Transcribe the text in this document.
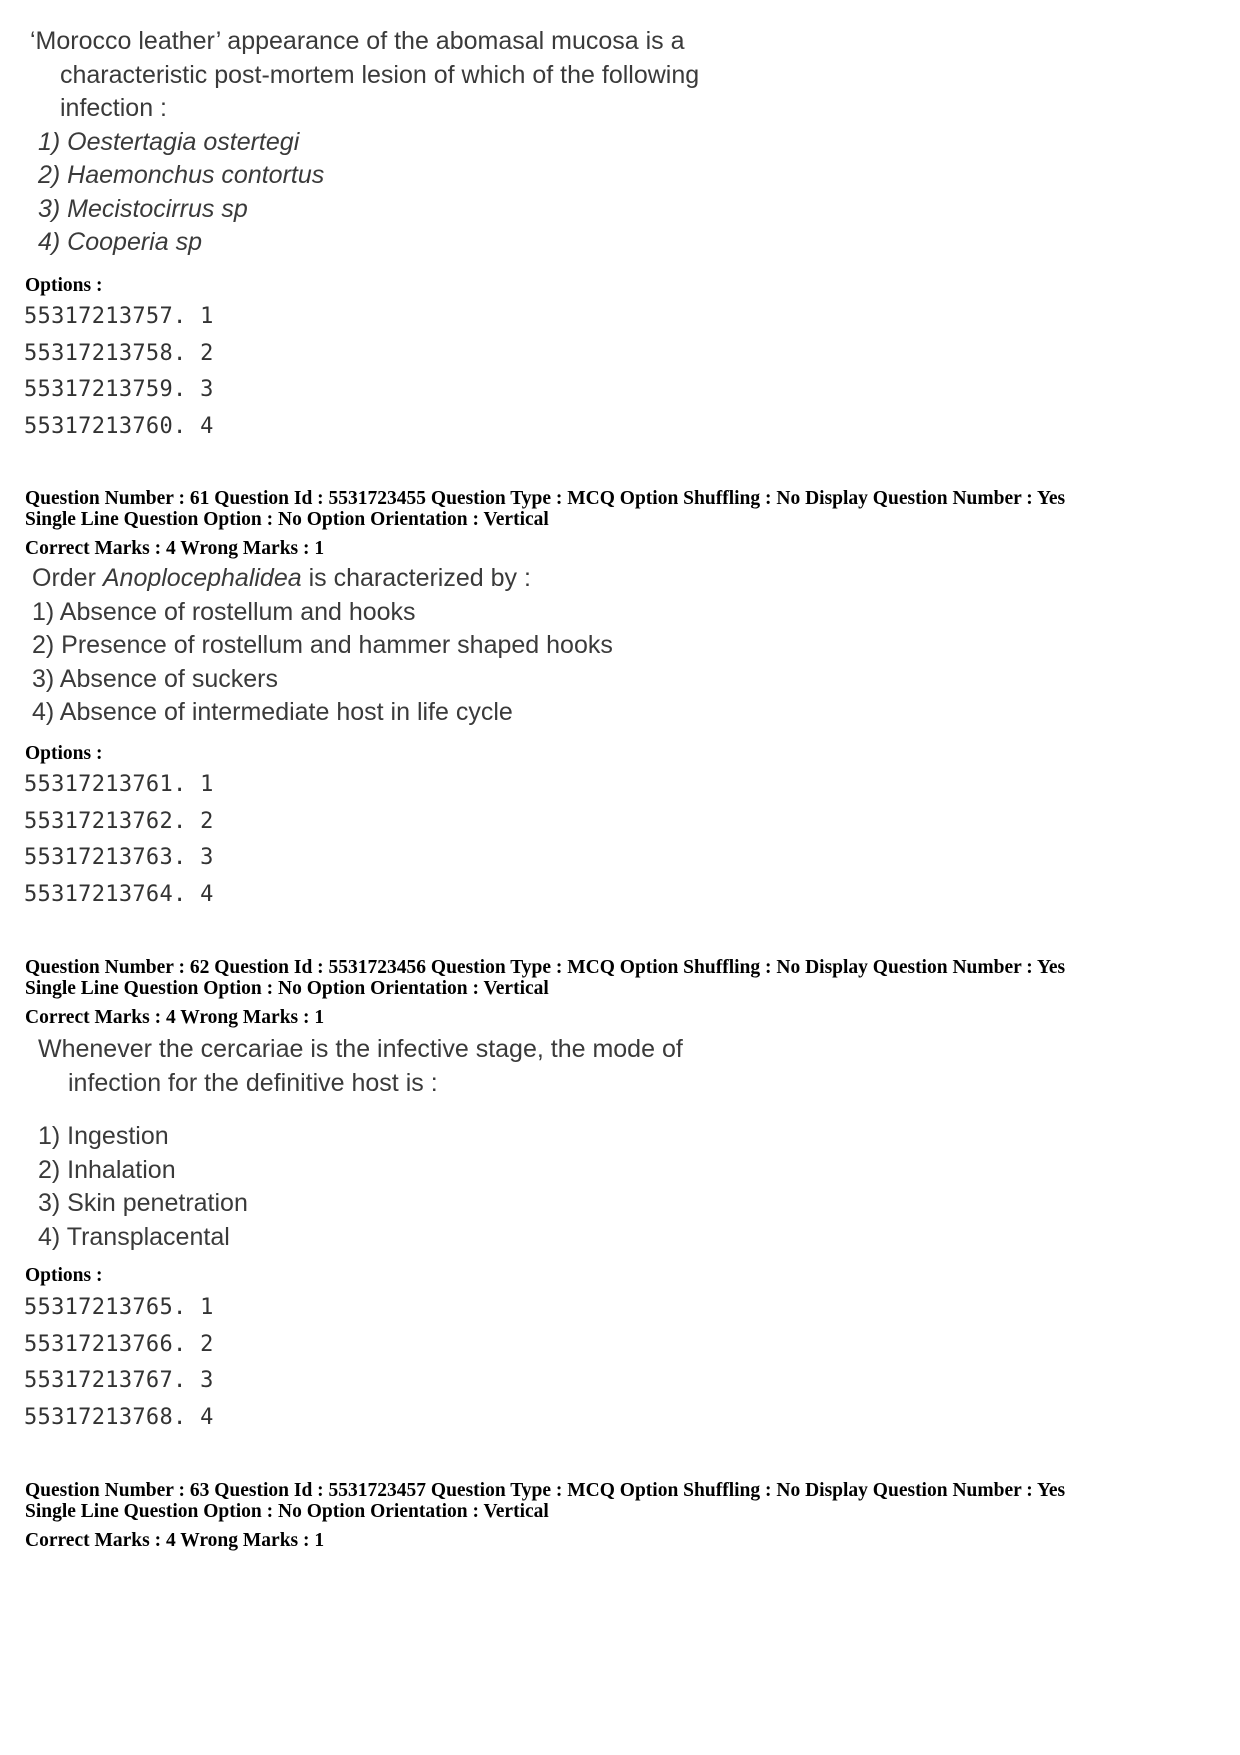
‘Morocco leather’ appearance of the abomasal mucosa is a
characteristic post-mortem lesion of which of the following
infection :
1) Oestertagia ostertegi
2) Haemonchus contortus
3) Mecistocirrus sp
4) Cooperia sp
Options :
55317213757. 1
55317213758. 2
55317213759. 3
55317213760. 4
Question Number : 61 Question Id : 5531723455 Question Type : MCQ Option Shuffling : No Display Question Number : Yes
Single Line Question Option : No Option Orientation : Vertical
Correct Marks : 4 Wrong Marks : 1
Order Anoplocephalidea is characterized by :
1) Absence of rostellum and hooks
2) Presence of rostellum and hammer shaped hooks
3) Absence of suckers
4) Absence of intermediate host in life cycle
Options :
55317213761. 1
55317213762. 2
55317213763. 3
55317213764. 4
Question Number : 62 Question Id : 5531723456 Question Type : MCQ Option Shuffling : No Display Question Number : Yes
Single Line Question Option : No Option Orientation : Vertical
Correct Marks : 4 Wrong Marks : 1
Whenever the cercariae is the infective stage, the mode of
infection for the definitive host is :
1) Ingestion
2) Inhalation
3) Skin penetration
4) Transplacental
Options :
55317213765. 1
55317213766. 2
55317213767. 3
55317213768. 4
Question Number : 63 Question Id : 5531723457 Question Type : MCQ Option Shuffling : No Display Question Number : Yes
Single Line Question Option : No Option Orientation : Vertical
Correct Marks : 4 Wrong Marks : 1
